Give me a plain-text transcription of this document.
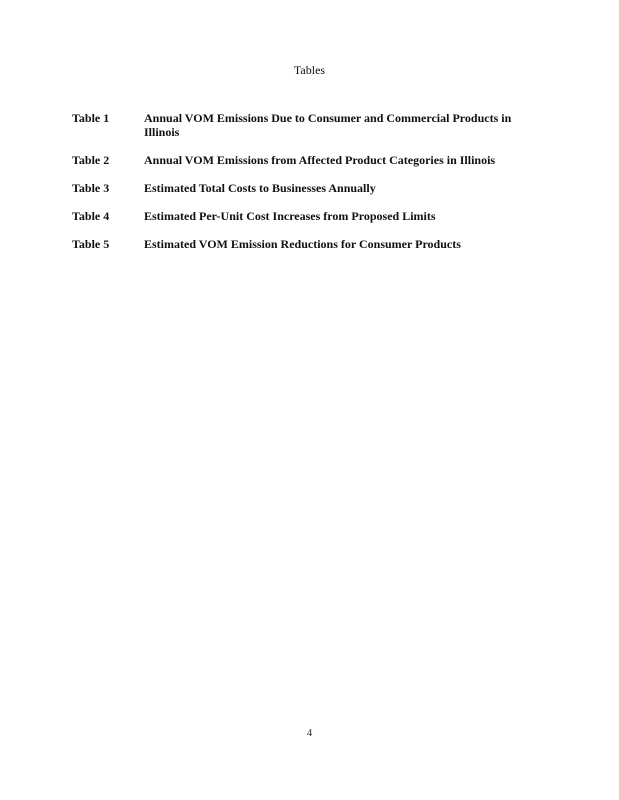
Tables
Table 1	Annual VOM Emissions Due to Consumer and Commercial Products in Illinois
Table 2	Annual VOM Emissions from Affected Product Categories in Illinois
Table 3	Estimated Total Costs to Businesses Annually
Table 4	Estimated Per-Unit Cost Increases from Proposed Limits
Table 5	Estimated VOM Emission Reductions for Consumer Products
4
